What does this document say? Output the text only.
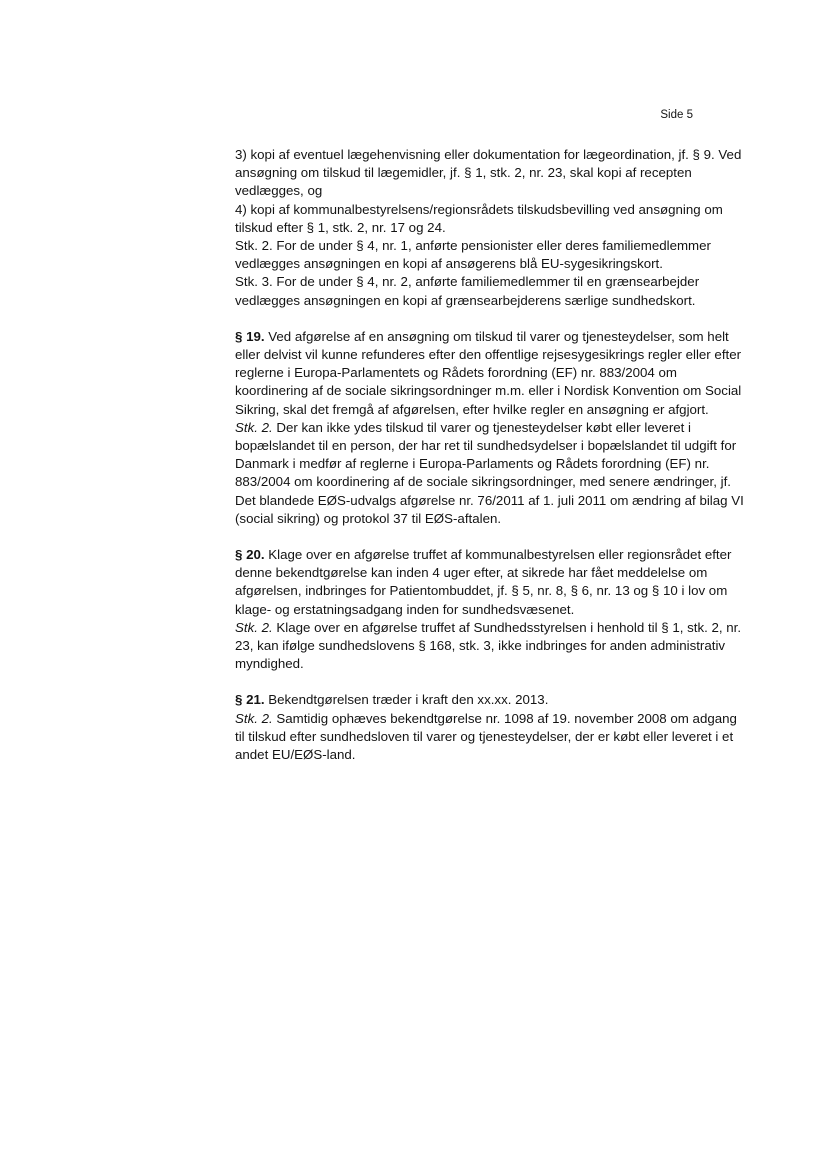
Side 5

3) kopi af eventuel lægehenvisning eller dokumentation for lægeordination, jf. § 9. Ved ansøgning om tilskud til lægemidler, jf. § 1, stk. 2, nr. 23, skal kopi af recepten vedlægges, og

4) kopi af kommunalbestyrelsens/regionsrådets tilskudsbevilling ved ansøgning om tilskud efter § 1, stk. 2, nr. 17 og 24.

Stk. 2. For de under § 4, nr. 1, anførte pensionister eller deres familiemedlemmer vedlægges ansøgningen en kopi af ansøgerens blå EU-sygesikringskort.

Stk. 3. For de under § 4, nr. 2, anførte familiemedlemmer til en grænsearbejder vedlægges ansøgningen en kopi af grænsearbejderens særlige sundhedskort.

§ 19. Ved afgørelse af en ansøgning om tilskud til varer og tjenesteydelser, som helt eller delvist vil kunne refunderes efter den offentlige rejsesygesikrings regler eller efter reglerne i Europa-Parlamentets og Rådets forordning (EF) nr. 883/2004 om koordinering af de sociale sikringsordninger m.m. eller i Nordisk Konvention om Social Sikring, skal det fremgå af afgørelsen, efter hvilke regler en ansøgning er afgjort.

Stk. 2. Der kan ikke ydes tilskud til varer og tjenesteydelser købt eller leveret i bopælslandet til en person, der har ret til sundhedsydelser i bopælslandet til udgift for Danmark i medfør af reglerne i Europa-Parlaments og Rådets forordning (EF) nr. 883/2004 om koordinering af de sociale sikringsordninger, med senere ændringer, jf. Det blandede EØS-udvalgs afgørelse nr. 76/2011 af 1. juli 2011 om ændring af bilag VI (social sikring) og protokol 37 til EØS-aftalen.

§ 20. Klage over en afgørelse truffet af kommunalbestyrelsen eller regionsrådet efter denne bekendtgørelse kan inden 4 uger efter, at sikrede har fået meddelelse om afgørelsen, indbringes for Patientombuddet, jf. § 5, nr. 8, § 6, nr. 13 og § 10 i lov om klage- og erstatningsadgang inden for sundhedsvæsenet.

Stk. 2. Klage over en afgørelse truffet af Sundhedsstyrelsen i henhold til § 1, stk. 2, nr. 23, kan ifølge sundhedslovens § 168, stk. 3, ikke indbringes for anden administrativ myndighed.

§ 21. Bekendtgørelsen træder i kraft den xx.xx. 2013.

Stk. 2. Samtidig ophæves bekendtgørelse nr. 1098 af 19. november 2008 om adgang til tilskud efter sundhedsloven til varer og tjenesteydelser, der er købt eller leveret i et andet EU/EØS-land.
